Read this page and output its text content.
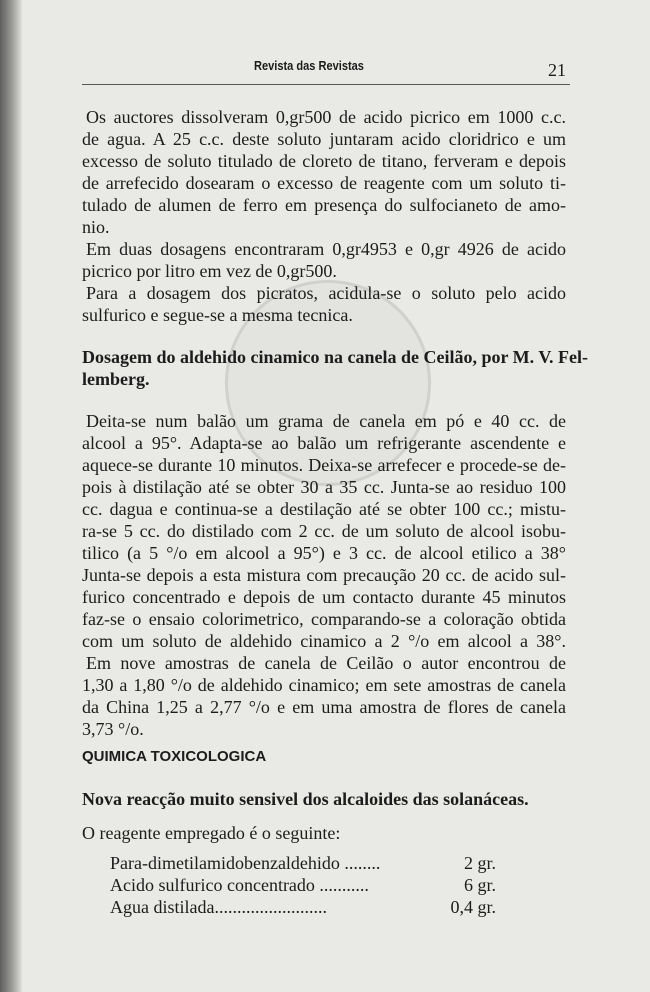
Revista das Revistas	21
Os auctores dissolveram 0,gr500 de acido picrico em 1000 c.c.
de agua. A 25 c.c. deste soluto juntaram acido cloridrico e um
excesso de soluto titulado de cloreto de titano, ferveram e depois
de arrefecido dosearam o excesso de reagente com um soluto ti-
tulado de alumen de ferro em presença do sulfocianeto de amo-
nio.
Em duas dosagens encontraram 0,gr4953 e 0,gr 4926 de acido
picrico por litro em vez de 0,gr500.
Para a dosagem dos picratos, acidula-se o soluto pelo acido
sulfurico e segue-se a mesma tecnica.
Dosagem do aldehido cinamico na canela de Ceilão, por M. V. Fel-
lemberg.
Deita-se num balão um grama de canela em pó e 40 cc. de
alcool a 95°. Adapta-se ao balão um refrigerante ascendente e
aquece-se durante 10 minutos. Deixa-se arrefecer e procede-se de-
pois à distilação até se obter 30 a 35 cc. Junta-se ao residuo 100
cc. dagua e continua-se a destilação até se obter 100 cc.; mistu-
ra-se 5 cc. do distilado com 2 cc. de um soluto de alcool isobu-
tilico (a 5 °/o em alcool a 95°) e 3 cc. de alcool etilico a 38°
Junta-se depois a esta mistura com precaução 20 cc. de acido sul-
furico concentrado e depois de um contacto durante 45 minutos
faz-se o ensaio colorimetrico, comparando-se a coloração obtida
com um soluto de aldehido cinamico a 2 °/o em alcool a 38°.
Em nove amostras de canela de Ceilão o autor encontrou de
1,30 a 1,80 °/o de aldehido cinamico; em sete amostras de canela
da China 1,25 a 2,77 °/o e em uma amostra de flores de canela
3,73 °/o.
QUIMICA TOXICOLOGICA
Nova reacção muito sensivel dos alcaloides das solanáceas.
O reagente empregado é o seguinte:
Para-dimetilamidobenzaldehido ........	2 gr.
Acido sulfurico concentrado ...........	6 gr.
Agua distilada.........................	0,4 gr.
